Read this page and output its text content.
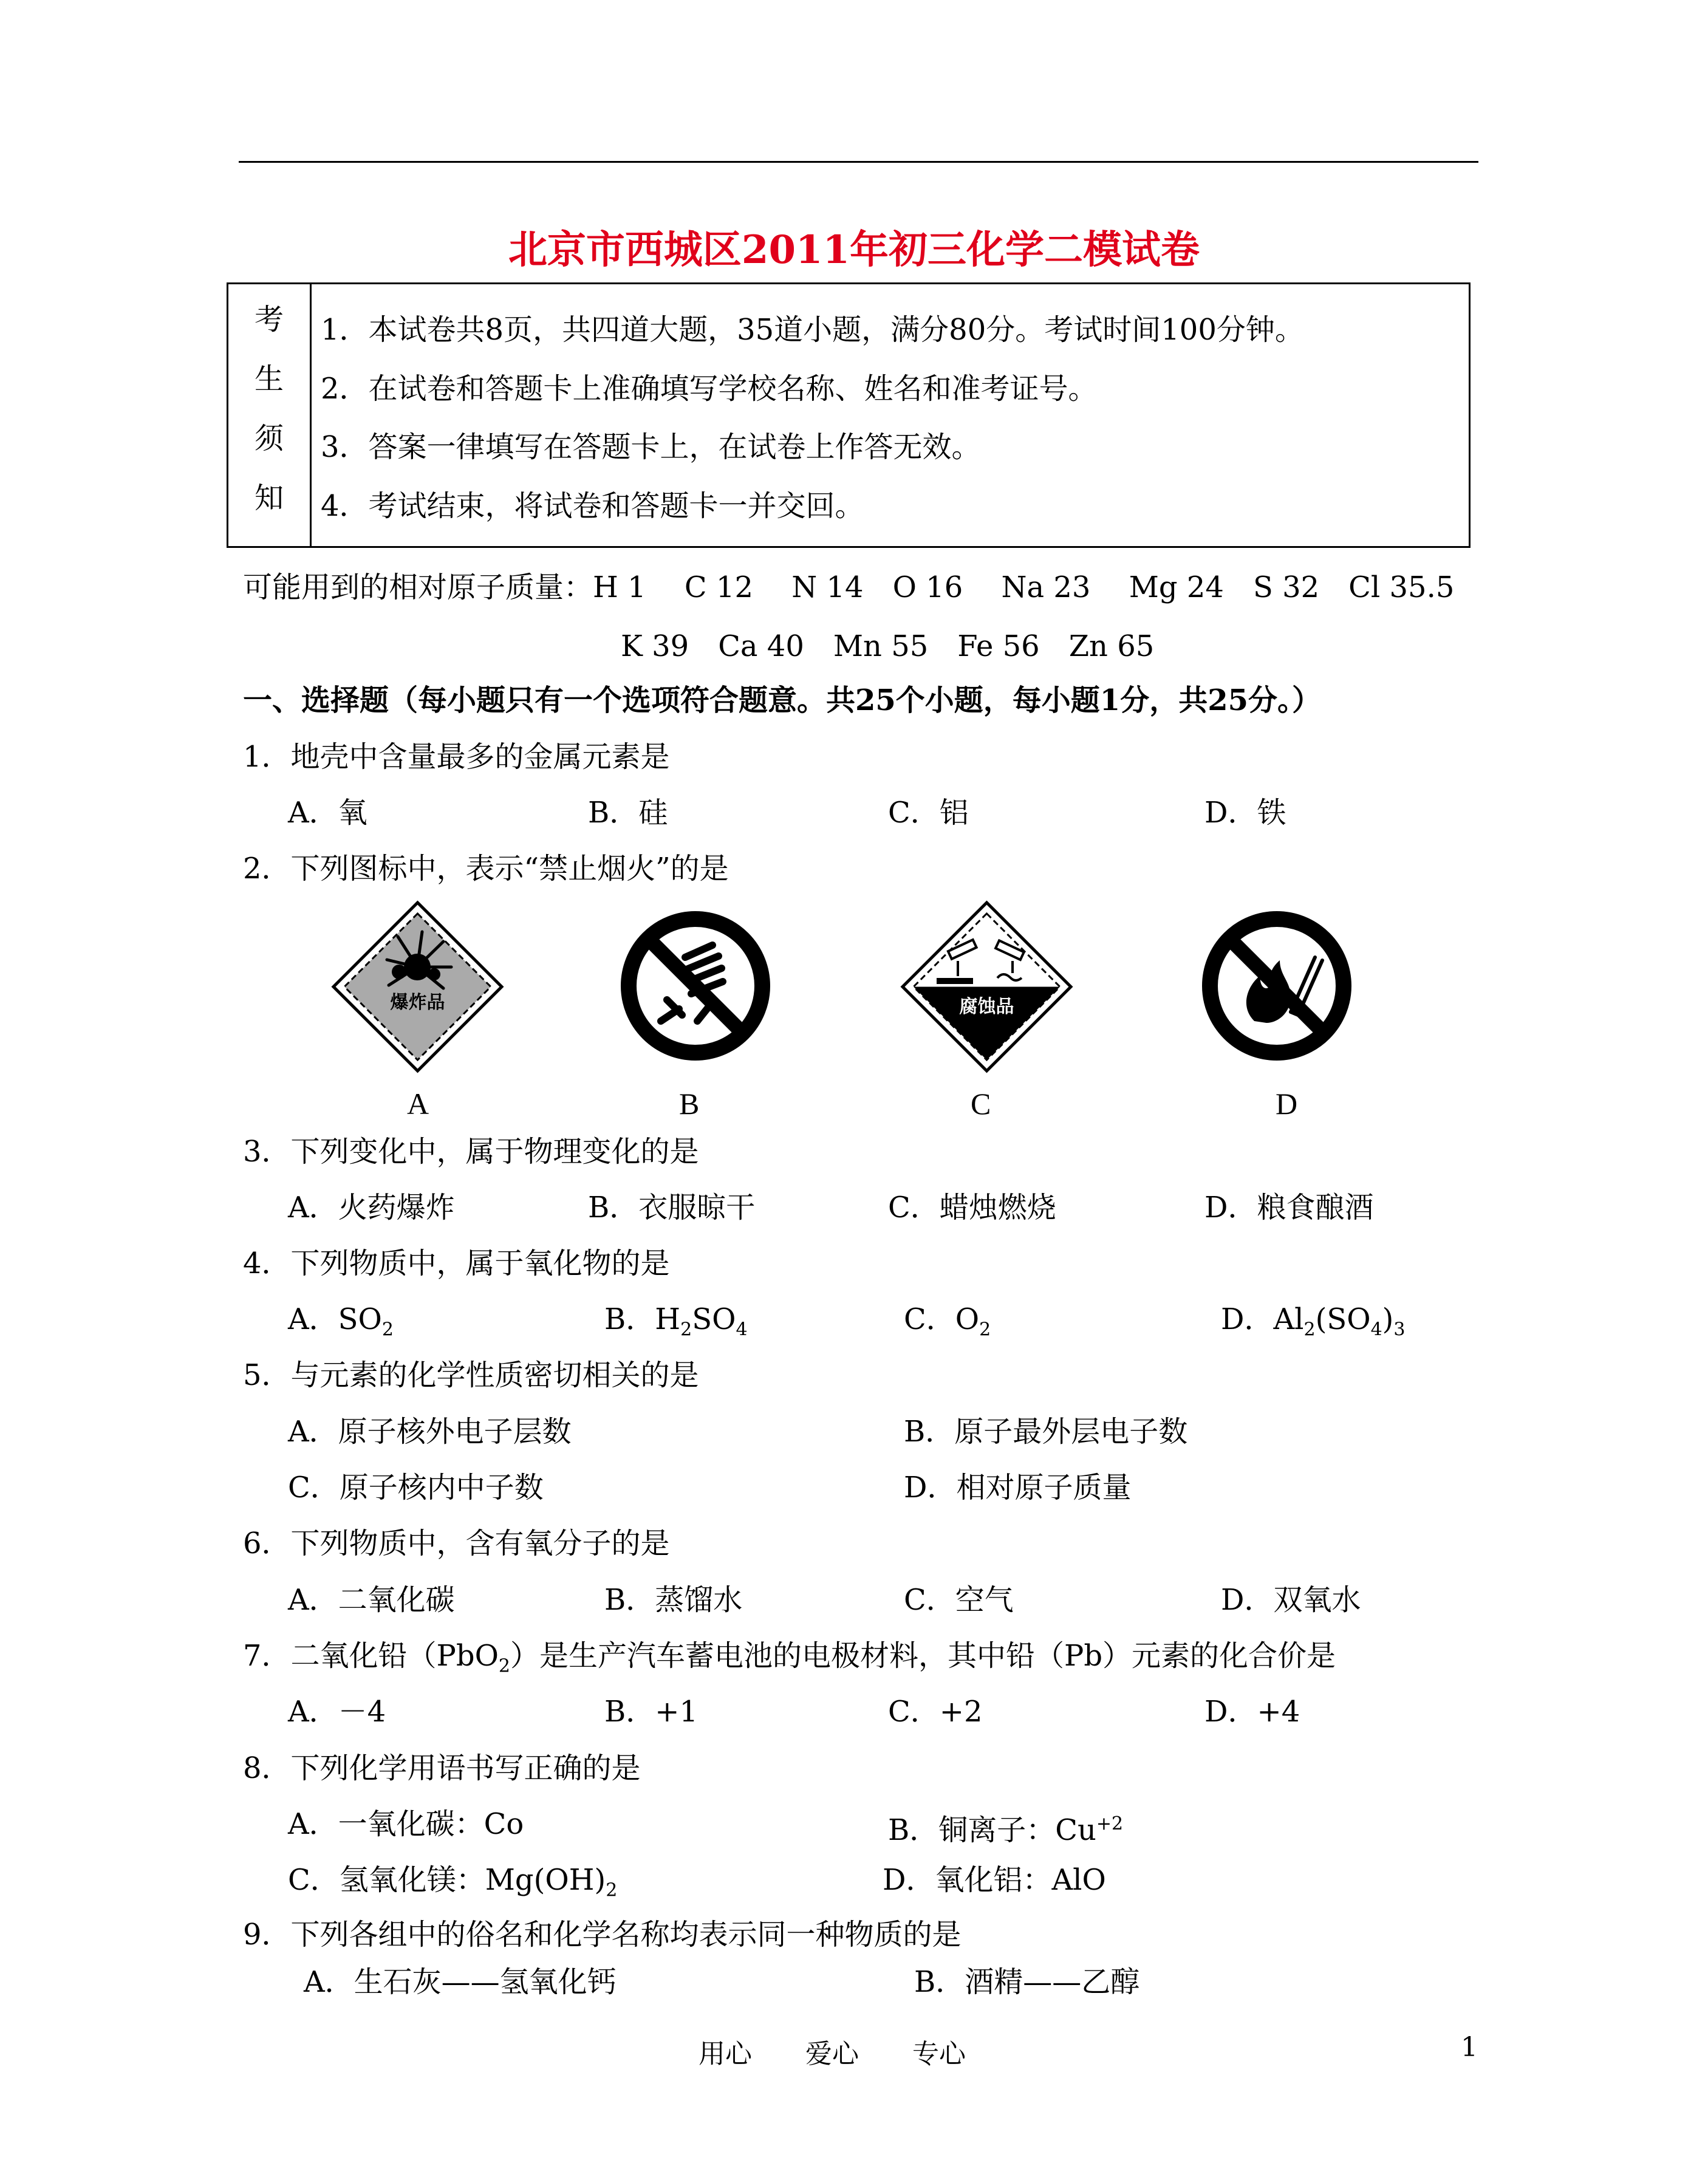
北京市西城区2011年初三化学二模试卷
考
生
须
知
1．本试卷共8页，共四道大题，35道小题，满分80分。考试时间100分钟。
2．在试卷和答题卡上准确填写学校名称、姓名和准考证号。
3．答案一律填写在答题卡上，在试卷上作答无效。
4．考试结束，将试卷和答题卡一并交回。
可能用到的相对原子质量：H 1　 C 12　 N 14　O 16　 Na 23　 Mg 24　S 32　Cl 35.5
K 39　Ca 40　Mn 55　Fe 56　Zn 65
一、选择题（每小题只有一个选项符合题意。共25个小题，每小题1分，共25分。）
1．地壳中含量最多的金属元素是
A．氧	B．硅	C．铝	D．铁
2．下列图标中，表示“禁止烟火”的是
爆炸品	腐蚀品
A	B	C	D
3．下列变化中，属于物理变化的是
A．火药爆炸	B．衣服晾干	C．蜡烛燃烧	D．粮食酿酒
4．下列物质中，属于氧化物的是
A．$SO_2$	B．$H_2SO_4$	C．$O_2$	D．$Al_2(SO_4)_3$
5．与元素的化学性质密切相关的是
A．原子核外电子层数	B．原子最外层电子数
C．原子核内中子数	D．相对原子质量
6．下列物质中，含有氧分子的是
A．二氧化碳	B．蒸馏水	C．空气	D．双氧水
7．二氧化铅（PbO$_2$）是生产汽车蓄电池的电极材料，其中铅（Pb）元素的化合价是
A．－4	B．+1	C．+2	D．+4
8．下列化学用语书写正确的是
A．一氧化碳：Co	B．铜离子：$Cu^{+2}$
C．氢氧化镁：$Mg(OH)_2$	D．氧化铝：AlO
9．下列各组中的俗名和化学名称均表示同一种物质的是
A．生石灰——氢氧化钙	B．酒精——乙醇
用心　　爱心　　专心	1
